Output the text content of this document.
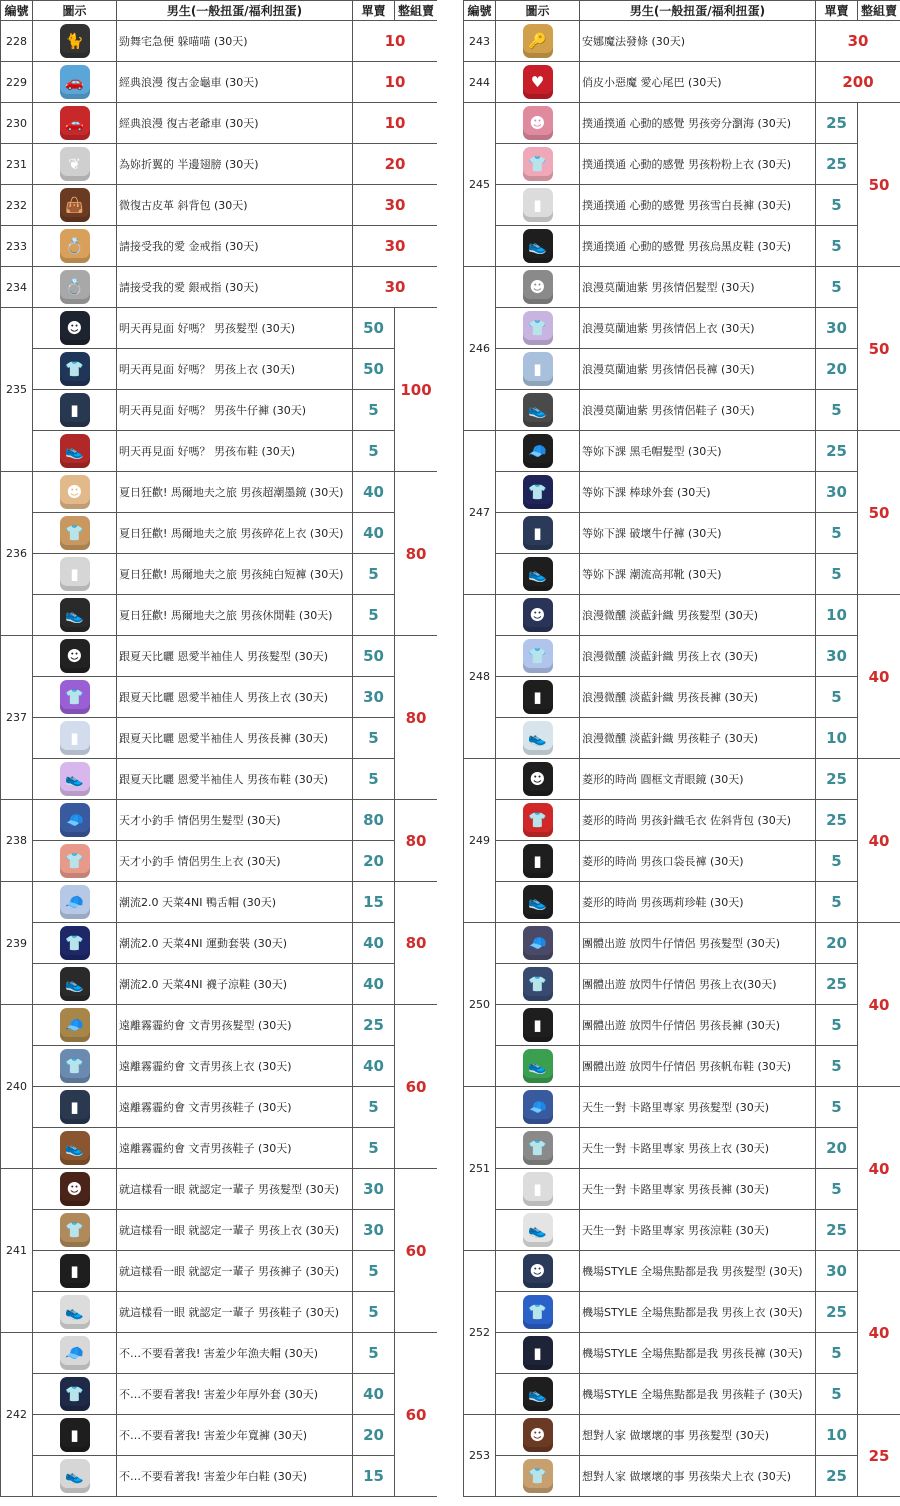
編號	圖示	男生(一般扭蛋/福利扭蛋)	單賣	整組賣
228	🐈	勁舞宅急便 躲喵喵 (30天)	10	
229	🚗	經典浪漫 復古金龜車 (30天)	10	
230	🚗	經典浪漫 復古老爺車 (30天)	10	
231	❦	為妳折翼的 半邊翅膀 (30天)	20	
232	👜	微復古皮革 斜背包 (30天)	30	
233	💍	請接受我的愛 金戒指 (30天)	30	
234	💍	請接受我的愛 銀戒指 (30天)	30	
235	☻	明天再見面 好嗎？ 男孩髮型 (30天)	50	100
	👕	明天再見面 好嗎？ 男孩上衣 (30天)	50	
	▮	明天再見面 好嗎？ 男孩牛仔褲 (30天)	5	
	👟	明天再見面 好嗎？ 男孩布鞋 (30天)	5	
236	☻	夏日狂歡! 馬爾地夫之旅 男孩超潮墨鏡 (30天)	40	80
	👕	夏日狂歡! 馬爾地夫之旅 男孩碎花上衣 (30天)	40	
	▮	夏日狂歡! 馬爾地夫之旅 男孩純白短褲 (30天)	5	
	👟	夏日狂歡! 馬爾地夫之旅 男孩休閒鞋 (30天)	5	
237	☻	跟夏天比曬 恩愛半袖佳人 男孩髮型 (30天)	50	80
	👕	跟夏天比曬 恩愛半袖佳人 男孩上衣 (30天)	30	
	▮	跟夏天比曬 恩愛半袖佳人 男孩長褲 (30天)	5	
	👟	跟夏天比曬 恩愛半袖佳人 男孩布鞋 (30天)	5	
238	🧢	天才小釣手 情侶男生髮型 (30天)	80	80
	👕	天才小釣手 情侶男生上衣 (30天)	20	
239	🧢	潮流2.0 天菜4NI 鴨舌帽 (30天)	15	80
	👕	潮流2.0 天菜4NI 運動套裝 (30天)	40	
	👟	潮流2.0 天菜4NI 襪子涼鞋 (30天)	40	
240	🧢	遠離霧霾約會 文青男孩髮型 (30天)	25	60
	👕	遠離霧霾約會 文青男孩上衣 (30天)	40	
	▮	遠離霧霾約會 文青男孩鞋子 (30天)	5	
	👟	遠離霧霾約會 文青男孩鞋子 (30天)	5	
241	☻	就這樣看一眼 就認定一輩子 男孩髮型 (30天)	30	60
	👕	就這樣看一眼 就認定一輩子 男孩上衣 (30天)	30	
	▮	就這樣看一眼 就認定一輩子 男孩褲子 (30天)	5	
	👟	就這樣看一眼 就認定一輩子 男孩鞋子 (30天)	5	
242	🧢	不…不要看著我! 害羞少年漁夫帽 (30天)	5	60
	👕	不…不要看著我! 害羞少年厚外套 (30天)	40	
	▮	不…不要看著我! 害羞少年寬褲 (30天)	20	
	👟	不…不要看著我! 害羞少年白鞋 (30天)	15	
編號	圖示	男生(一般扭蛋/福利扭蛋)	單賣	整組賣
243	🔑	安娜魔法發條 (30天)	30	
244	♥	俏皮小惡魔 愛心尾巴 (30天)	200	
245	☻	撲通撲通 心動的感覺 男孩旁分瀏海 (30天)	25	50
	👕	撲通撲通 心動的感覺 男孩粉粉上衣 (30天)	25	
	▮	撲通撲通 心動的感覺 男孩雪白長褲 (30天)	5	
	👟	撲通撲通 心動的感覺 男孩烏黑皮鞋 (30天)	5	
246	☻	浪漫莫蘭迪紫 男孩情侶髮型 (30天)	5	50
	👕	浪漫莫蘭迪紫 男孩情侶上衣 (30天)	30	
	▮	浪漫莫蘭迪紫 男孩情侶長褲 (30天)	20	
	👟	浪漫莫蘭迪紫 男孩情侶鞋子 (30天)	5	
247	🧢	等妳下課 黑毛帽髮型 (30天)	25	50
	👕	等妳下課 棒球外套 (30天)	30	
	▮	等妳下課 破壞牛仔褲 (30天)	5	
	👟	等妳下課 潮流高邦靴 (30天)	5	
248	☻	浪漫微醺 淡藍針織 男孩髮型 (30天)	10	40
	👕	浪漫微醺 淡藍針織 男孩上衣 (30天)	30	
	▮	浪漫微醺 淡藍針織 男孩長褲 (30天)	5	
	👟	浪漫微醺 淡藍針織 男孩鞋子 (30天)	10	
249	☻	菱形的時尚 圓框文青眼鏡 (30天)	25	40
	👕	菱形的時尚 男孩針織毛衣 佐斜背包 (30天)	25	
	▮	菱形的時尚 男孩口袋長褲 (30天)	5	
	👟	菱形的時尚 男孩瑪莉珍鞋 (30天)	5	
250	🧢	團體出遊 放閃牛仔情侶 男孩髮型 (30天)	20	40
	👕	團體出遊 放閃牛仔情侶 男孩上衣(30天)	25	
	▮	團體出遊 放閃牛仔情侶 男孩長褲 (30天)	5	
	👟	團體出遊 放閃牛仔情侶 男孩帆布鞋 (30天)	5	
251	🧢	天生一對 卡路里專家 男孩髮型 (30天)	5	40
	👕	天生一對 卡路里專家 男孩上衣 (30天)	20	
	▮	天生一對 卡路里專家 男孩長褲 (30天)	5	
	👟	天生一對 卡路里專家 男孩涼鞋 (30天)	25	
252	☻	機場STYLE 全場焦點都是我 男孩髮型 (30天)	30	40
	👕	機場STYLE 全場焦點都是我 男孩上衣 (30天)	25	
	▮	機場STYLE 全場焦點都是我 男孩長褲 (30天)	5	
	👟	機場STYLE 全場焦點都是我 男孩鞋子 (30天)	5	
253	☻	想對人家 做壞壞的事 男孩髮型 (30天)	10	25
	👕	想對人家 做壞壞的事 男孩柴犬上衣 (30天)	25	
